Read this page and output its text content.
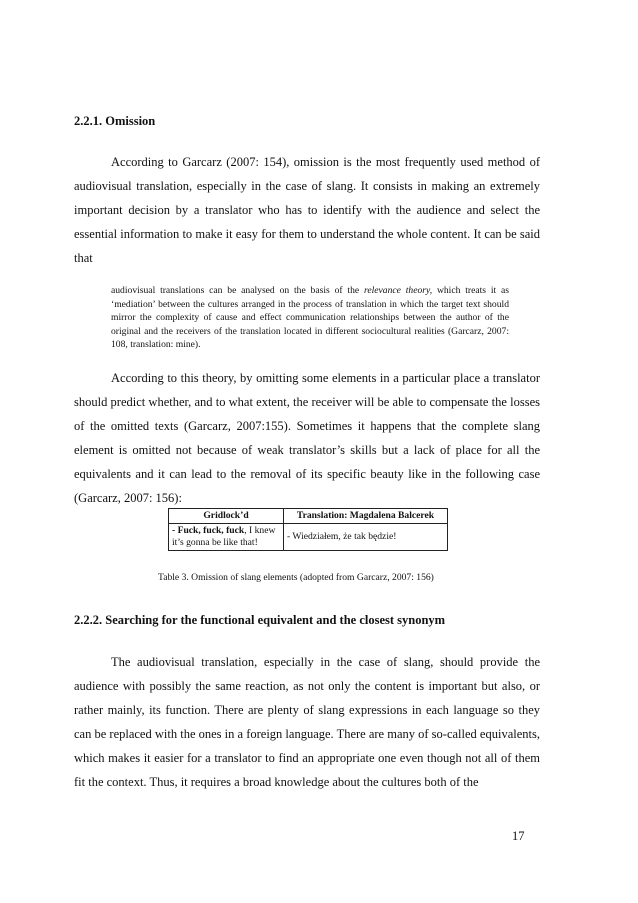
2.2.1. Omission

According to Garcarz (2007: 154), omission is the most frequently used method of audiovisual translation, especially in the case of slang. It consists in making an extremely important decision by a translator who has to identify with the audience and select the essential information to make it easy for them to understand the whole content. It can be said that

audiovisual translations can be analysed on the basis of the relevance theory, which treats it as ‘mediation’ between the cultures arranged in the process of translation in which the target text should mirror the complexity of cause and effect communication relationships between the author of the original and the receivers of the translation located in different sociocultural realities (Garcarz, 2007: 108, translation: mine).

According to this theory, by omitting some elements in a particular place a translator should predict whether, and to what extent, the receiver will be able to compensate the losses of the omitted texts (Garcarz, 2007:155). Sometimes it happens that the complete slang element is omitted not because of weak translator’s skills but a lack of place for all the equivalents and it can lead to the removal of its specific beauty like in the following case (Garcarz, 2007: 156):

Gridlock’d	Translation: Magdalena Balcerek
- Fuck, fuck, fuck, I knew it’s gonna be like that!	- Wiedziałem, że tak będzie!
Table 3. Omission of slang elements (adopted from Garcarz, 2007: 156)
2.2.2. Searching for the functional equivalent and the closest synonym

The audiovisual translation, especially in the case of slang, should provide the audience with possibly the same reaction, as not only the content is important but also, or rather mainly, its function. There are plenty of slang expressions in each language so they can be replaced with the ones in a foreign language. There are many of so-called equivalents, which makes it easier for a translator to find an appropriate one even though not all of them fit the context. Thus, it requires a broad knowledge about the cultures both of the

17
